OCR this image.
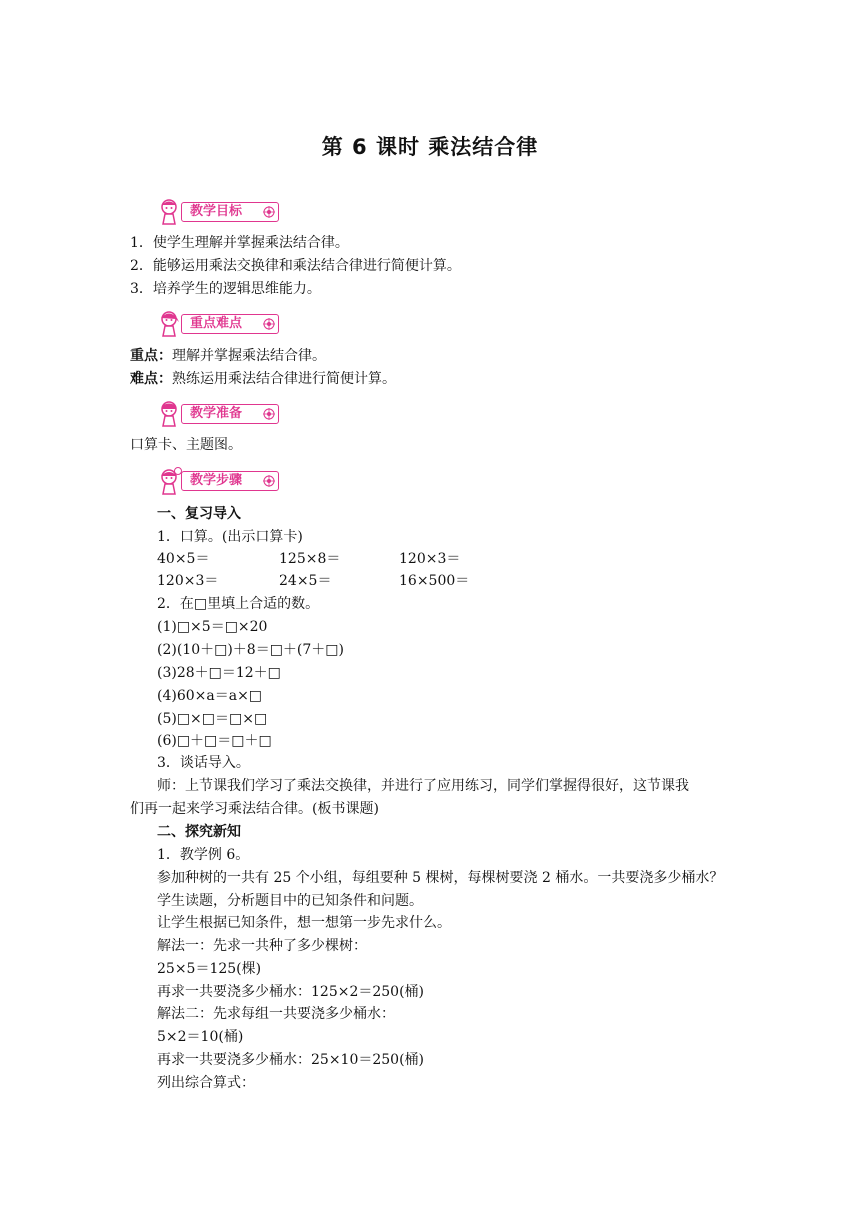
第 6 课时 乘法结合律
教学目标
1．使学生理解并掌握乘法结合律。
2．能够运用乘法交换律和乘法结合律进行简便计算。
3．培养学生的逻辑思维能力。
重点难点
重点：理解并掌握乘法结合律。
难点：熟练运用乘法结合律进行简便计算。
教学准备
口算卡、主题图。
教学步骤
一、复习导入
1．口算。(出示口算卡)
40×5＝	125×8＝	120×3＝
120×3＝	24×5＝	16×500＝
2．在□里填上合适的数。
(1)□×5＝□×20
(2)(10＋□)＋8＝□＋(7＋□)
(3)28＋□＝12＋□
(4)60×a＝a×□
(5)□×□＝□×□
(6)□＋□＝□＋□
3．谈话导入。
师：上节课我们学习了乘法交换律，并进行了应用练习，同学们掌握得很好，这节课我
们再一起来学习乘法结合律。(板书课题)
二、探究新知
1．教学例 6。
参加种树的一共有 25 个小组，每组要种 5 棵树，每棵树要浇 2 桶水。一共要浇多少桶水？
学生读题，分析题目中的已知条件和问题。
让学生根据已知条件，想一想第一步先求什么。
解法一：先求一共种了多少棵树：
25×5＝125(棵)
再求一共要浇多少桶水：125×2＝250(桶)
解法二：先求每组一共要浇多少桶水：
5×2＝10(桶)
再求一共要浇多少桶水：25×10＝250(桶)
列出综合算式：
